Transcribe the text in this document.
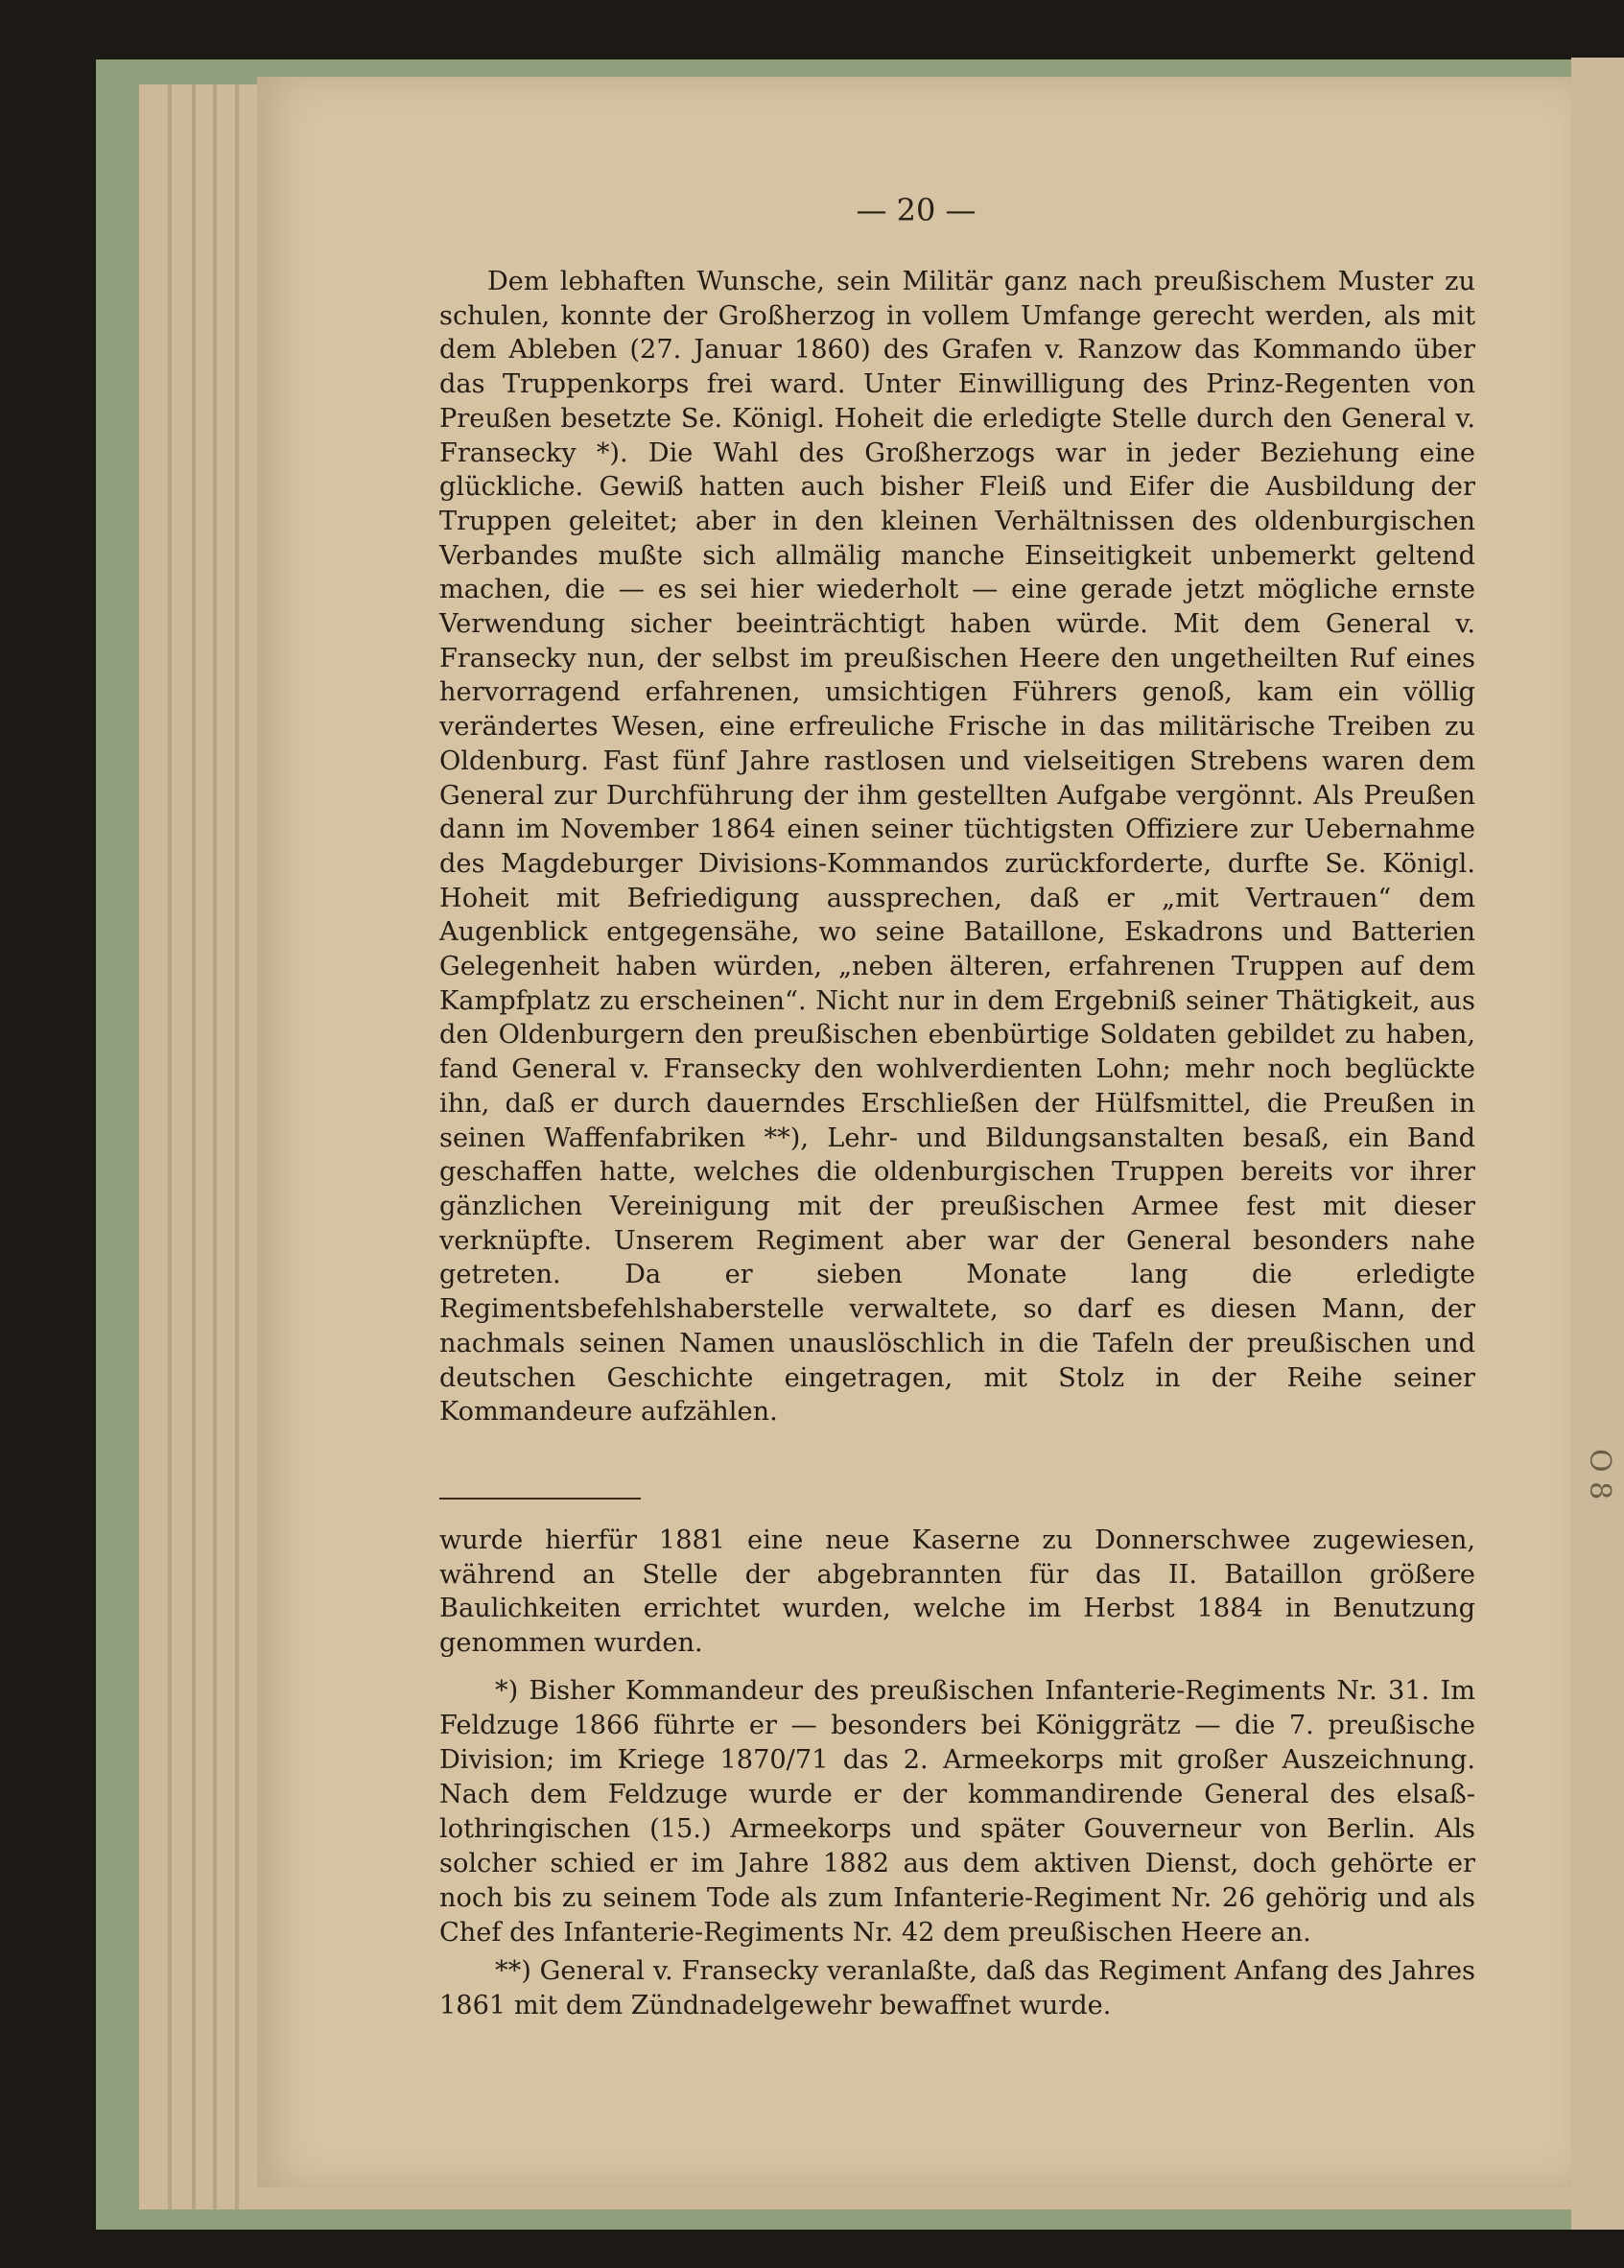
— 20 —

Dem lebhaften Wunsche, sein Militär ganz nach preußischem Muster zu schulen, konnte der Großherzog in vollem Umfange gerecht werden, als mit dem Ableben (27. Januar 1860) des Grafen v. Ranzow das Kommando über das Truppenkorps frei ward. Unter Einwilligung des Prinz-Regenten von Preußen besetzte Se. Königl. Hoheit die erledigte Stelle durch den General v. Fransecky *). Die Wahl des Großherzogs war in jeder Beziehung eine glückliche. Gewiß hatten auch bisher Fleiß und Eifer die Ausbildung der Truppen geleitet; aber in den kleinen Verhältnissen des oldenburgischen Verbandes mußte sich allmälig manche Einseitigkeit unbemerkt geltend machen, die — es sei hier wiederholt — eine gerade jetzt mögliche ernste Verwendung sicher beeinträchtigt haben würde. Mit dem General v. Fransecky nun, der selbst im preußischen Heere den ungetheilten Ruf eines hervorragend erfahrenen, umsichtigen Führers genoß, kam ein völlig verändertes Wesen, eine erfreuliche Frische in das militärische Treiben zu Oldenburg. Fast fünf Jahre rastlosen und vielseitigen Strebens waren dem General zur Durchführung der ihm gestellten Aufgabe vergönnt. Als Preußen dann im November 1864 einen seiner tüchtigsten Offiziere zur Uebernahme des Magdeburger Divisions-Kommandos zurückforderte, durfte Se. Königl. Hoheit mit Befriedigung aussprechen, daß er „mit Vertrauen“ dem Augenblick entgegensähe, wo seine Bataillone, Eskadrons und Batterien Gelegenheit haben würden, „neben älteren, erfahrenen Truppen auf dem Kampfplatz zu erscheinen“. Nicht nur in dem Ergebniß seiner Thätigkeit, aus den Oldenburgern den preußischen ebenbürtige Soldaten gebildet zu haben, fand General v. Fransecky den wohlverdienten Lohn; mehr noch beglückte ihn, daß er durch dauerndes Erschließen der Hülfsmittel, die Preußen in seinen Waffenfabriken **), Lehr- und Bildungsanstalten besaß, ein Band geschaffen hatte, welches die oldenburgischen Truppen bereits vor ihrer gänzlichen Vereinigung mit der preußischen Armee fest mit dieser verknüpfte. Unserem Regiment aber war der General besonders nahe getreten. Da er sieben Monate lang die erledigte Regimentsbefehlshaberstelle verwaltete, so darf es diesen Mann, der nachmals seinen Namen unauslöschlich in die Tafeln der preußischen und deutschen Geschichte eingetragen, mit Stolz in der Reihe seiner Kommandeure aufzählen.

wurde hierfür 1881 eine neue Kaserne zu Donnerschwee zugewiesen, während an Stelle der abgebrannten für das II. Bataillon größere Baulichkeiten errichtet wurden, welche im Herbst 1884 in Benutzung genommen wurden.

*) Bisher Kommandeur des preußischen Infanterie-Regiments Nr. 31. Im Feldzuge 1866 führte er — besonders bei Königgrätz — die 7. preußische Division; im Kriege 1870/71 das 2. Armeekorps mit großer Auszeichnung. Nach dem Feldzuge wurde er der kommandirende General des elsaß-lothringischen (15.) Armeekorps und später Gouverneur von Berlin. Als solcher schied er im Jahre 1882 aus dem aktiven Dienst, doch gehörte er noch bis zu seinem Tode als zum Infanterie-Regiment Nr. 26 gehörig und als Chef des Infanterie-Regiments Nr. 42 dem preußischen Heere an.

**) General v. Fransecky veranlaßte, daß das Regiment Anfang des Jahres 1861 mit dem Zündnadelgewehr bewaffnet wurde.

O 8
